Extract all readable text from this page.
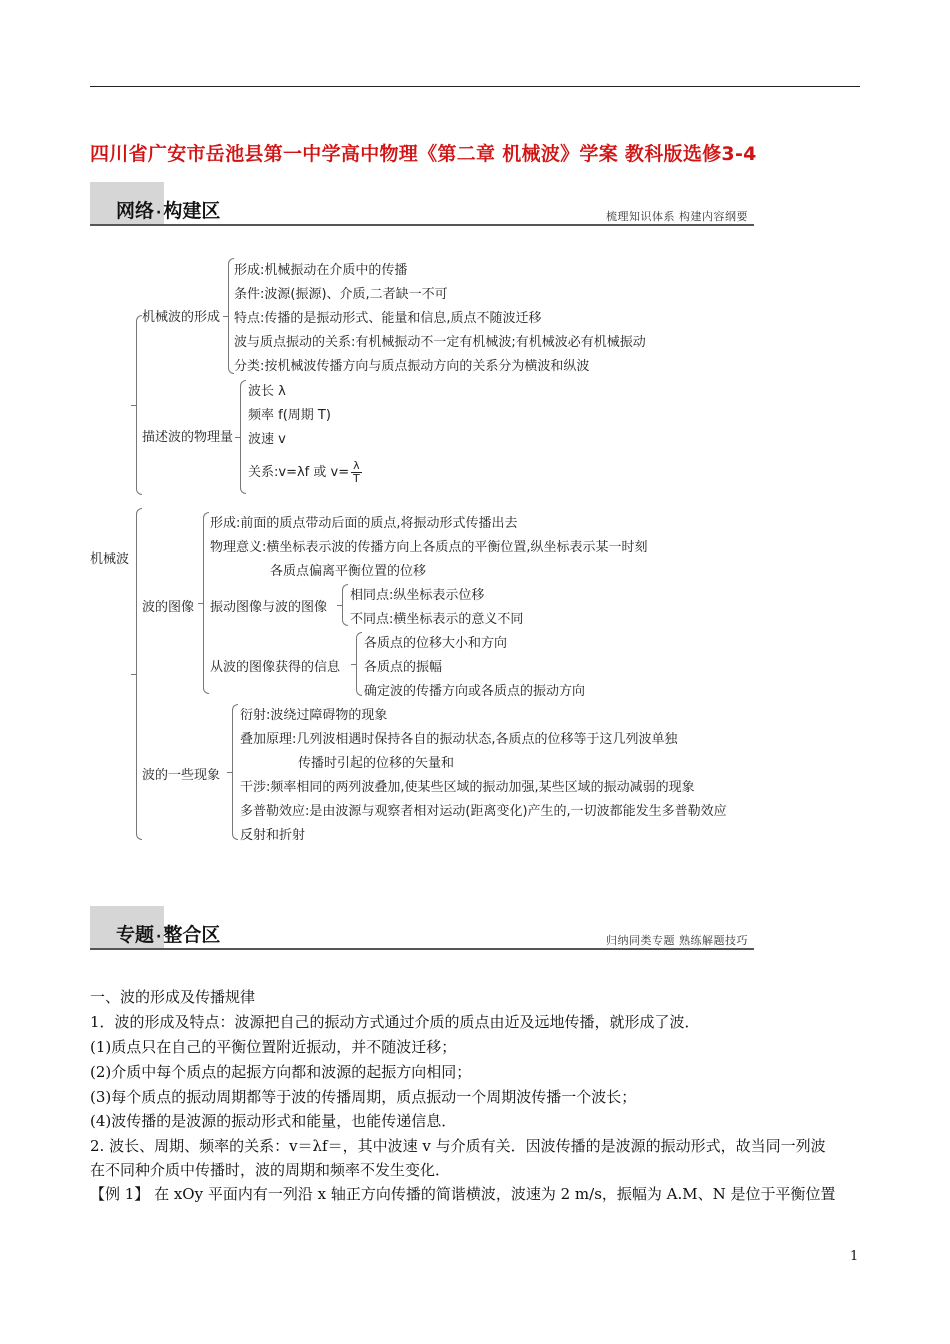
四川省广安市岳池县第一中学高中物理《第二章 机械波》学案 教科版选修3-4
网络 · 构建区	梳理知识体系 构建内容纲要
机械波
机械波的形成
形成:机械振动在介质中的传播
条件:波源(振源)、介质,二者缺一不可
特点:传播的是振动形式、能量和信息,质点不随波迁移
波与质点振动的关系:有机械振动不一定有机械波;有机械波必有机械振动
分类:按机械波传播方向与质点振动方向的关系分为横波和纵波
描述波的物理量
波长 λ
频率 f(周期 T)
波速 v
关系:v=λf 或 $v= \frac{\lambda}{T}$
波的图像
形成:前面的质点带动后面的质点,将振动形式传播出去
物理意义:横坐标表示波的传播方向上各质点的平衡位置,纵坐标表示某一时刻
各质点偏离平衡位置的位移
振动图像与波的图像
相同点:纵坐标表示位移
不同点:横坐标表示的意义不同
从波的图像获得的信息
各质点的位移大小和方向
各质点的振幅
确定波的传播方向或各质点的振动方向
波的一些现象
衍射:波绕过障碍物的现象
叠加原理:几列波相遇时保持各自的振动状态,各质点的位移等于这几列波单独
传播时引起的位移的矢量和
干涉:频率相同的两列波叠加,使某些区域的振动加强,某些区域的振动减弱的现象
多普勒效应:是由波源与观察者相对运动(距离变化)产生的,一切波都能发生多普勒效应
反射和折射
专题 · 整合区	归纳同类专题 熟练解题技巧
一、波的形成及传播规律
1．波的形成及特点：波源把自己的振动方式通过介质的质点由近及远地传播，就形成了波．
(1)质点只在自己的平衡位置附近振动，并不随波迁移；
(2)介质中每个质点的起振方向都和波源的起振方向相同；
(3)每个质点的振动周期都等于波的传播周期，质点振动一个周期波传播一个波长；
(4)波传播的是波源的振动形式和能量，也能传递信息．
2. 波长、周期、频率的关系：v＝λf＝，其中波速 v 与介质有关．因波传播的是波源的振动形式，故当同一列波
在不同种介质中传播时，波的周期和频率不发生变化．
【例 1】 在 xOy 平面内有一列沿 x 轴正方向传播的简谐横波，波速为 2 m/s，振幅为 A.M、N 是位于平衡位置
1
